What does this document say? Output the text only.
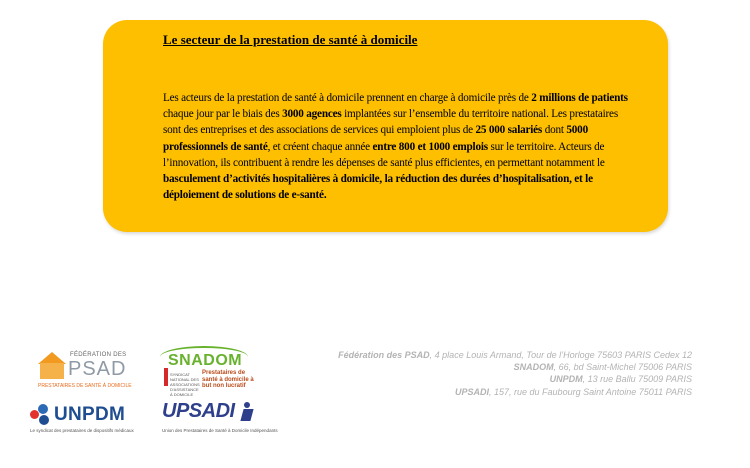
Le secteur de la prestation de santé à domicile
Les acteurs de la prestation de santé à domicile prennent en charge à domicile près de 2 millions de patients chaque jour par le biais des 3000 agences implantées sur l’ensemble du territoire national. Les prestataires sont des entreprises et des associations de services qui emploient plus de 25 000 salariés dont 5000 professionnels de santé, et créent chaque année entre 800 et 1000 emplois sur le territoire. Acteurs de l’innovation, ils contribuent à rendre les dépenses de santé plus efficientes, en permettant notamment le basculement d’activités hospitalières à domicile, la réduction des durées d’hospitalisation, et le déploiement de solutions de e-santé.
FÉDÉRATION DES
PSAD
PRESTATAIRES DE SANTÉ À DOMICILE
SNADOM
SYNDICAT NATIONAL DES ASSOCIATIONS D'ASSISTANCE À DOMICILE
Prestataires de santé à domicile à but non lucratif
UNPDM
Le syndicat des prestataires de dispositifs médicaux
UPSADI
Union des Prestataires de Santé à Domicile Indépendants
Fédération des PSAD, 4 place Louis Armand, Tour de l’Horloge 75603 PARIS Cedex 12
SNADOM, 66, bd Saint-Michel 75006 PARIS
UNPDM, 13 rue Ballu 75009 PARIS
UPSADI, 157, rue du Faubourg Saint Antoine 75011 PARIS
